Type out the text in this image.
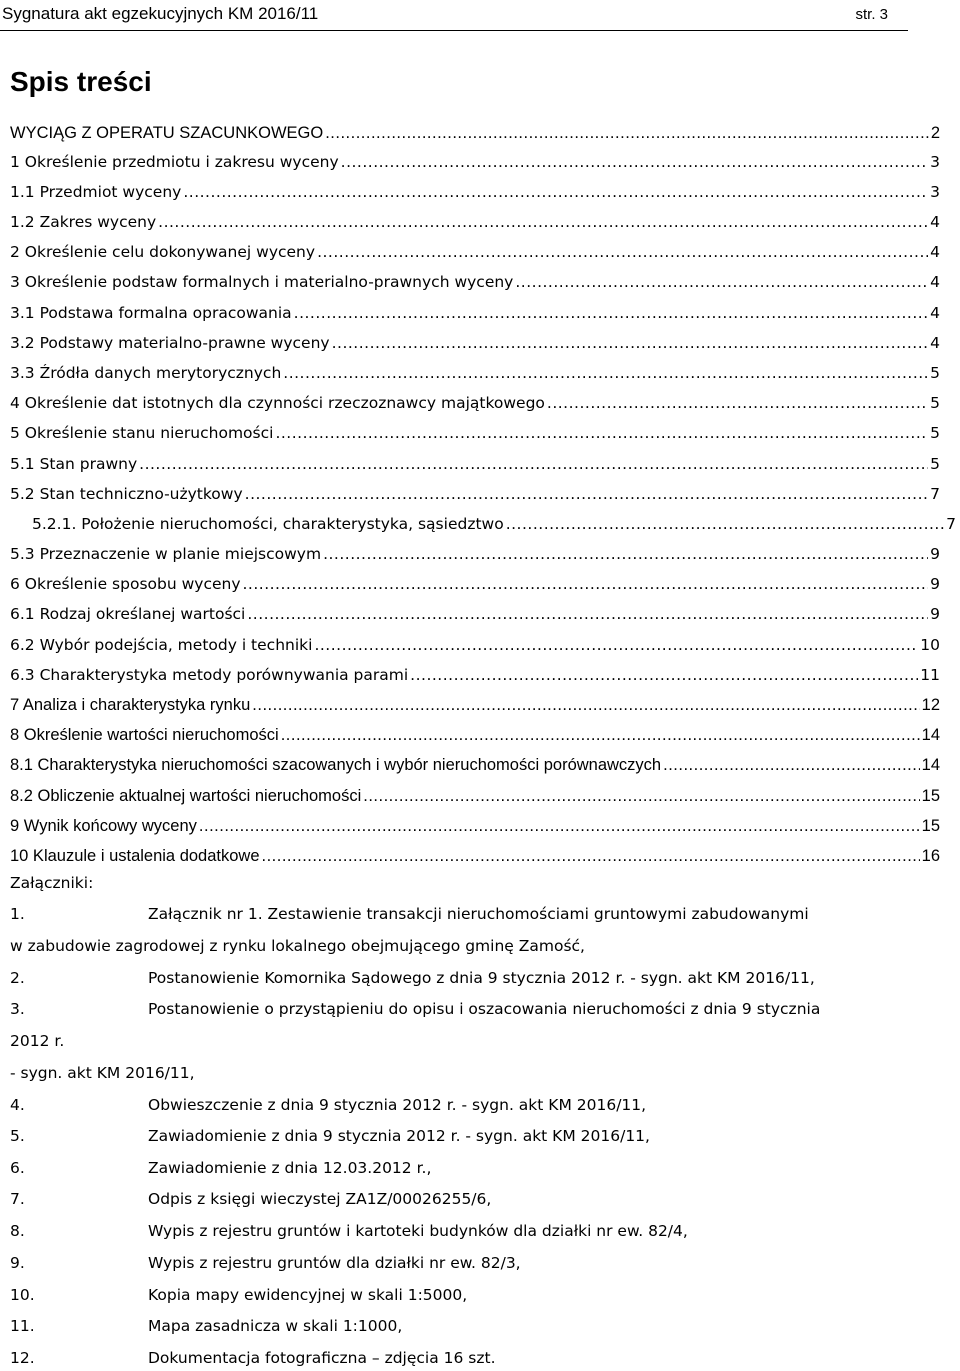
Sygnatura akt egzekucyjnych KM 2016/11	str. 3
Spis treści
WYCIĄG Z OPERATU SZACUNKOWEGO .....	2
1 Określenie przedmiotu i zakresu wyceny .....	3
1.1 Przedmiot wyceny .....	3
1.2 Zakres wyceny .....	4
2 Określenie celu dokonywanej wyceny .....	4
3 Określenie podstaw formalnych i materialno-prawnych wyceny .....	4
3.1 Podstawa formalna opracowania .....	4
3.2 Podstawy materialno-prawne wyceny .....	4
3.3 Źródła danych merytorycznych .....	5
4 Określenie dat istotnych dla czynności rzeczoznawcy majątkowego .....	5
5 Określenie stanu nieruchomości .....	5
5.1 Stan prawny .....	5
5.2 Stan techniczno-użytkowy .....	7
5.2.1. Położenie nieruchomości, charakterystyka, sąsiedztwo .....	7
5.3 Przeznaczenie w planie miejscowym .....	9
6 Określenie sposobu wyceny .....	9
6.1 Rodzaj określanej wartości .....	9
6.2 Wybór podejścia, metody i techniki .....	10
6.3 Charakterystyka metody porównywania parami .....	11
7 Analiza i charakterystyka rynku .....	12
8 Określenie wartości nieruchomości .....	14
8.1 Charakterystyka nieruchomości szacowanych i wybór nieruchomości porównawczych .....	14
8.2 Obliczenie aktualnej wartości nieruchomości .....	15
9 Wynik końcowy wyceny .....	15
10 Klauzule i ustalenia dodatkowe .....	16
Załączniki:
1.	Załącznik nr 1. Zestawienie transakcji nieruchomościami gruntowymi zabudowanymi
w zabudowie zagrodowej z rynku lokalnego obejmującego gminę Zamość,
2.	Postanowienie Komornika Sądowego z dnia 9 stycznia 2012 r. - sygn. akt KM 2016/11,
3.	Postanowienie o przystąpieniu do opisu i oszacowania nieruchomości z dnia 9 stycznia
2012 r.
- sygn. akt KM 2016/11,
4.	Obwieszczenie z dnia 9 stycznia 2012 r. - sygn. akt KM 2016/11,
5.	Zawiadomienie z dnia 9 stycznia 2012 r. - sygn. akt KM 2016/11,
6.	Zawiadomienie z dnia 12.03.2012 r.,
7.	Odpis z księgi wieczystej ZA1Z/00026255/6,
8.	Wypis z rejestru gruntów i kartoteki budynków dla działki nr ew. 82/4,
9.	Wypis z rejestru gruntów dla działki nr ew. 82/3,
10.	Kopia mapy ewidencyjnej w skali 1:5000,
11.	Mapa zasadnicza w skali 1:1000,
12.	Dokumentacja fotograficzna – zdjęcia 16 szt.
